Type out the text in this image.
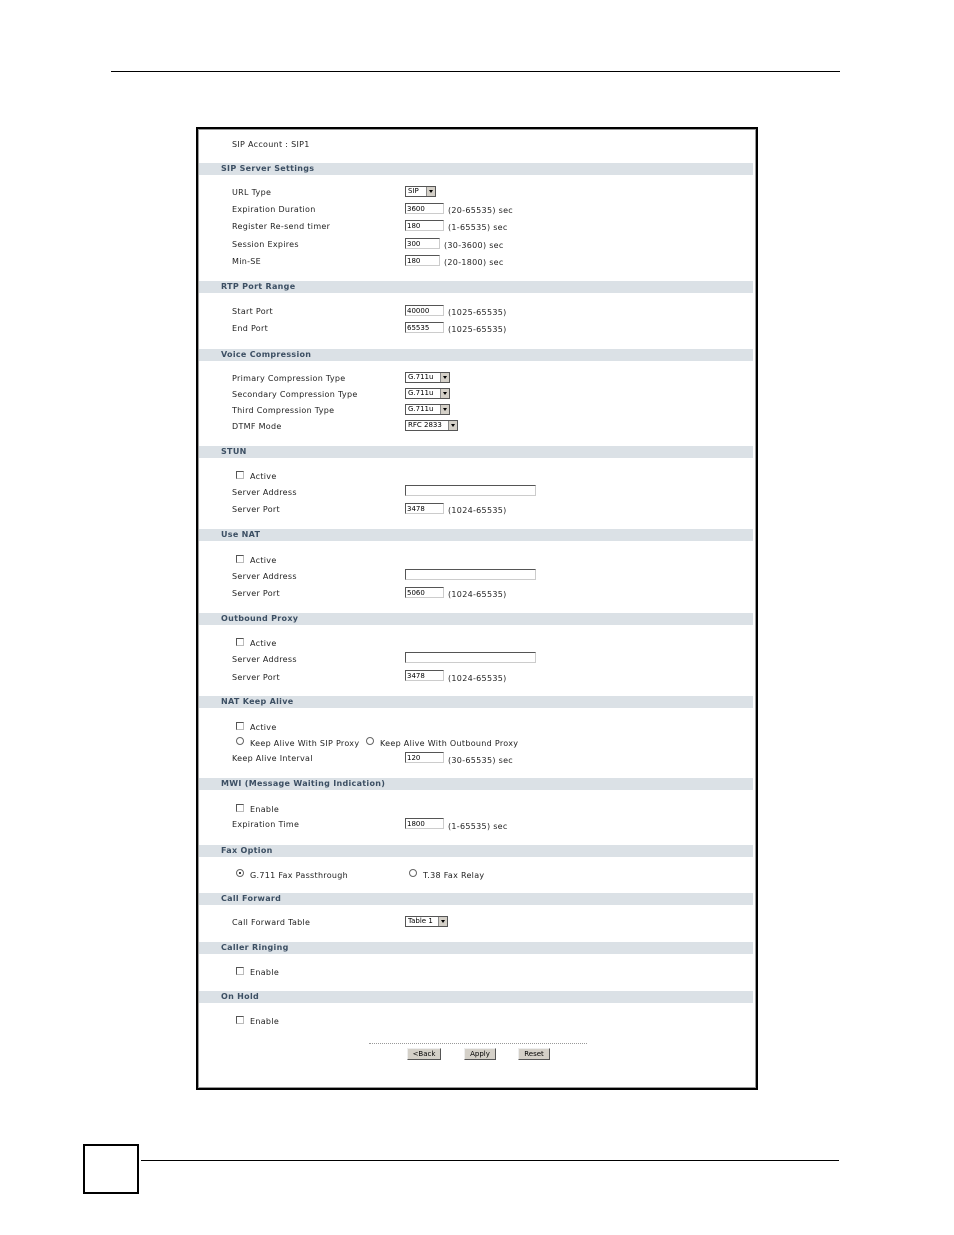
SIP Account : SIP1
SIP Server Settings
URL Type	SIP
Expiration Duration	3600	(20-65535) sec
Register Re-send timer	180	(1-65535) sec
Session Expires	300	(30-3600) sec
Min-SE	180	(20-1800) sec
RTP Port Range
Start Port	40000	(1025-65535)
End Port	65535	(1025-65535)
Voice Compression
Primary Compression Type	G.711u
Secondary Compression Type	G.711u
Third Compression Type	G.711u
DTMF Mode	RFC 2833
STUN
Active
Server Address
Server Port	3478	(1024-65535)
Use NAT
Active
Server Address
Server Port	5060	(1024-65535)
Outbound Proxy
Active
Server Address
Server Port	3478	(1024-65535)
NAT Keep Alive
Active
Keep Alive With SIP Proxy	Keep Alive With Outbound Proxy
Keep Alive Interval	120	(30-65535) sec
MWI (Message Waiting Indication)
Enable
Expiration Time	1800	(1-65535) sec
Fax Option
G.711 Fax Passthrough	T.38 Fax Relay
Call Forward
Call Forward Table	Table 1
Caller Ringing
Enable
On Hold
Enable
<Back	Apply	Reset
